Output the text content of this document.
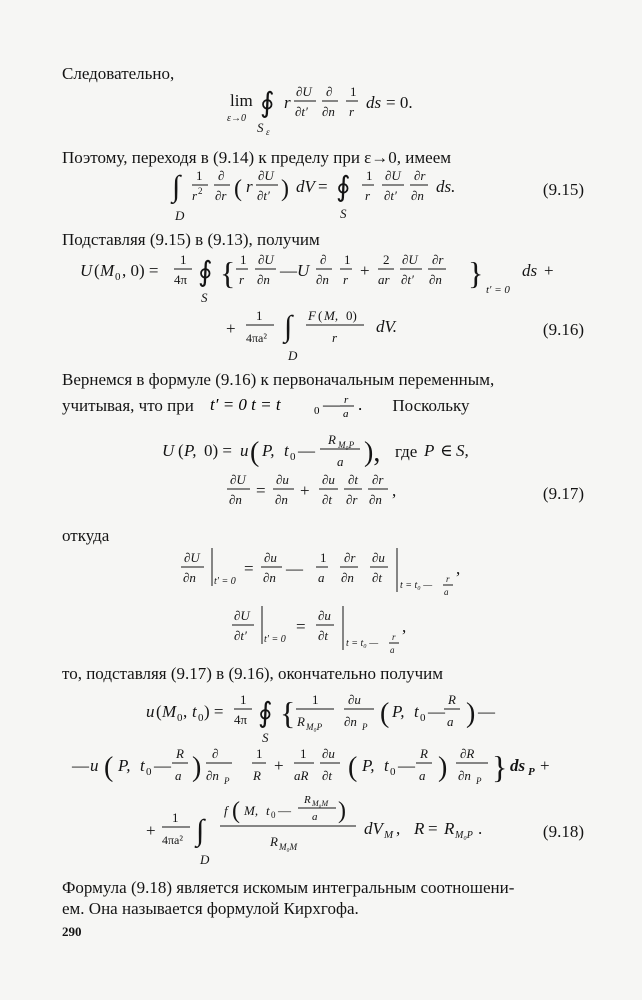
Следовательно,
Поэтому, переходя в (9.14) к пределу при ε→0, имеем
Подставляя (9.15) в (9.13), получим
Вернемся в формуле (9.16) к первоначальным переменным,
учитывая, что при t′ = 0 t = t	0 — r
a . Поскольку
откуда
то, подставляя (9.17) в (9.16), окончательно получим
Формула (9.18) является искомым интегральным соотношени-
ем. Она называется формулой Кирхгофа.
290
(9.15)
(9.16)
(9.17)
(9.18)
где
lim
ε→0 ∮
S ε
r
∂U
∂t′
∂
∂n
1
r ds = 0.
∫
D
1
r 2
∂
∂r ( r
∂U
∂t′ ) dV = ∮
S
1
r
∂U
∂t′
∂r
∂n ds.
U ( M 0 , 0) =
1
4π ∮
S
{ 1
r
∂U
∂n — U
∂
∂n
1
r +
2
ar
∂U
∂t′
∂r
∂n } t′ = 0
ds +
+
1
4πa² ∫
D
F ( M, 0)
r
dV.
U ( P, 0) = u ( P, t 0 —
R M₀P
a ),	P ∈ S,
∂U
∂n =
∂u
∂n +
∂u
∂t
∂t
∂r
∂r
∂n ,
∂U
∂n t′ = 0
=
∂u
∂n —
1
a
∂r
∂n
∂u
∂t
t = t₀ —
r
a
,
∂U
∂t′ t′ = 0
=
∂u
∂t
t = t₀ —
r
a
,
u ( M 0 , t 0 ) =
1
4π ∮
S
{ 1
R M₀P
∂u
∂n P ( P, t 0 —
R
a ) —
— u ( P, t 0 —
R
a ) ∂
∂n P
1
R
+
1
aR
∂u
∂t ( P, t 0 —
R
a ) ∂R
∂n P } ds P +
+
1
4πa² ∫
D
f ( M, t 0 —
R M₀M
a )
R M₀M
dV M , R = R M₀P .
